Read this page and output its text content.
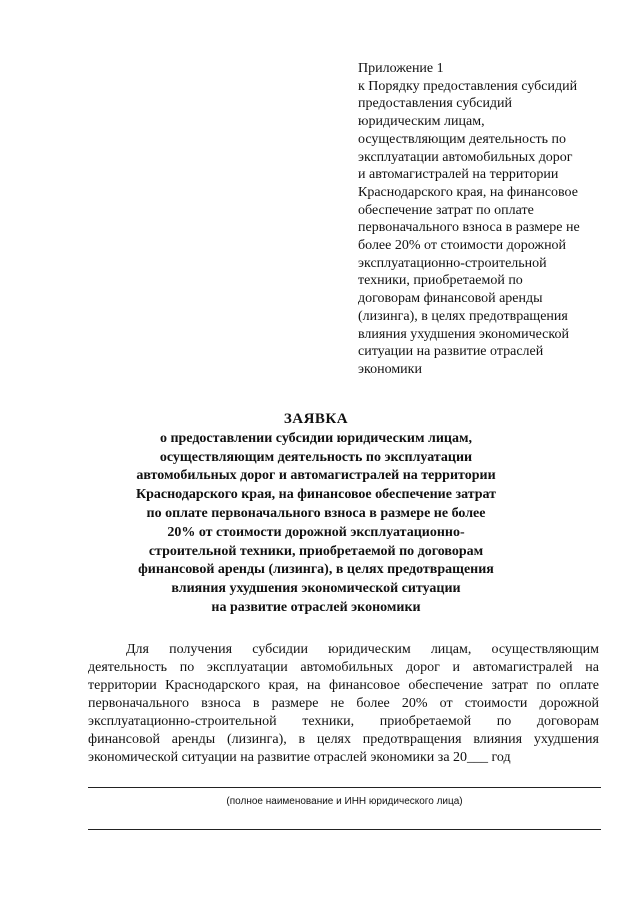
Приложение 1
к Порядку предоставления субсидий
предоставления субсидий
юридическим лицам,
осуществляющим деятельность по
эксплуатации автомобильных дорог
и автомагистралей на территории
Краснодарского края, на финансовое
обеспечение затрат по оплате
первоначального взноса в размере не
более 20% от стоимости дорожной
эксплуатационно-строительной
техники, приобретаемой по
договорам финансовой аренды
(лизинга), в целях предотвращения
влияния ухудшения экономической
ситуации на развитие отраслей
экономики
ЗАЯВКА
о предоставлении субсидии юридическим лицам,
осуществляющим деятельность по эксплуатации
автомобильных дорог и автомагистралей на территории
Краснодарского края, на финансовое обеспечение затрат
по оплате первоначального взноса в размере не более
20% от стоимости дорожной эксплуатационно-
строительной техники, приобретаемой по договорам
финансовой аренды (лизинга), в целях предотвращения
влияния ухудшения экономической ситуации
на развитие отраслей экономики
Для получения субсидии юридическим лицам, осуществляющим
деятельность по эксплуатации автомобильных дорог и автомагистралей на
территории Краснодарского края, на финансовое обеспечение затрат по оплате
первоначального взноса в размере не более 20% от стоимости дорожной
эксплуатационно-строительной техники, приобретаемой по договорам
финансовой аренды (лизинга), в целях предотвращения влияния ухудшения
экономической ситуации на развитие отраслей экономики за 20___ год
(полное наименование и ИНН юридического лица)
